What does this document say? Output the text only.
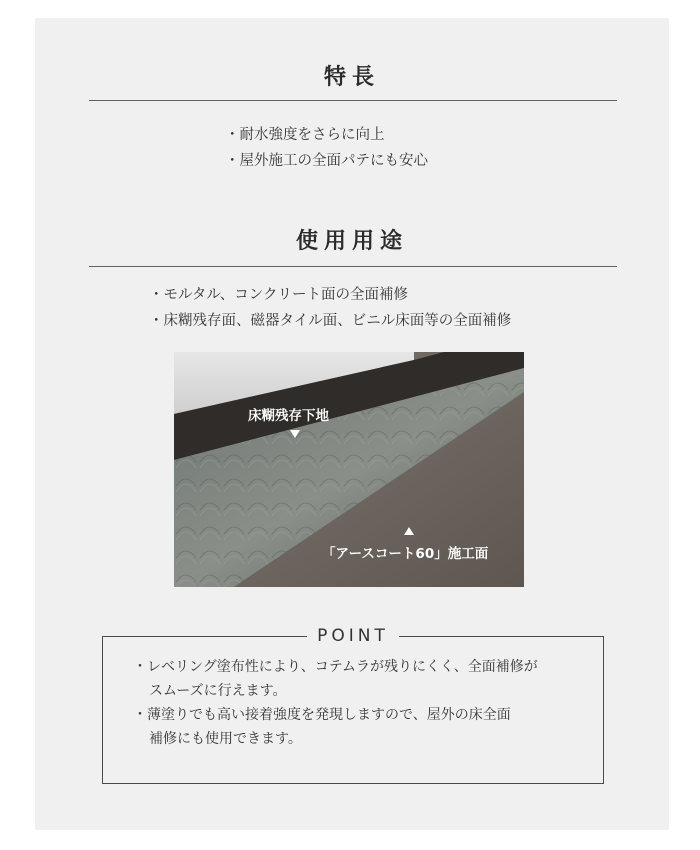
特長
・耐水強度をさらに向上
・屋外施工の全面パテにも安心
使用用途
・モルタル、コンクリート面の全面補修
・床糊残存面、磁器タイル面、ビニル床面等の全面補修
床糊残存下地
「アースコート60」施工面
POINT
・レベリング塗布性により、コテムラが残りにくく、全面補修が
スムーズに行えます。
・薄塗りでも高い接着強度を発現しますので、屋外の床全面
補修にも使用できます。
